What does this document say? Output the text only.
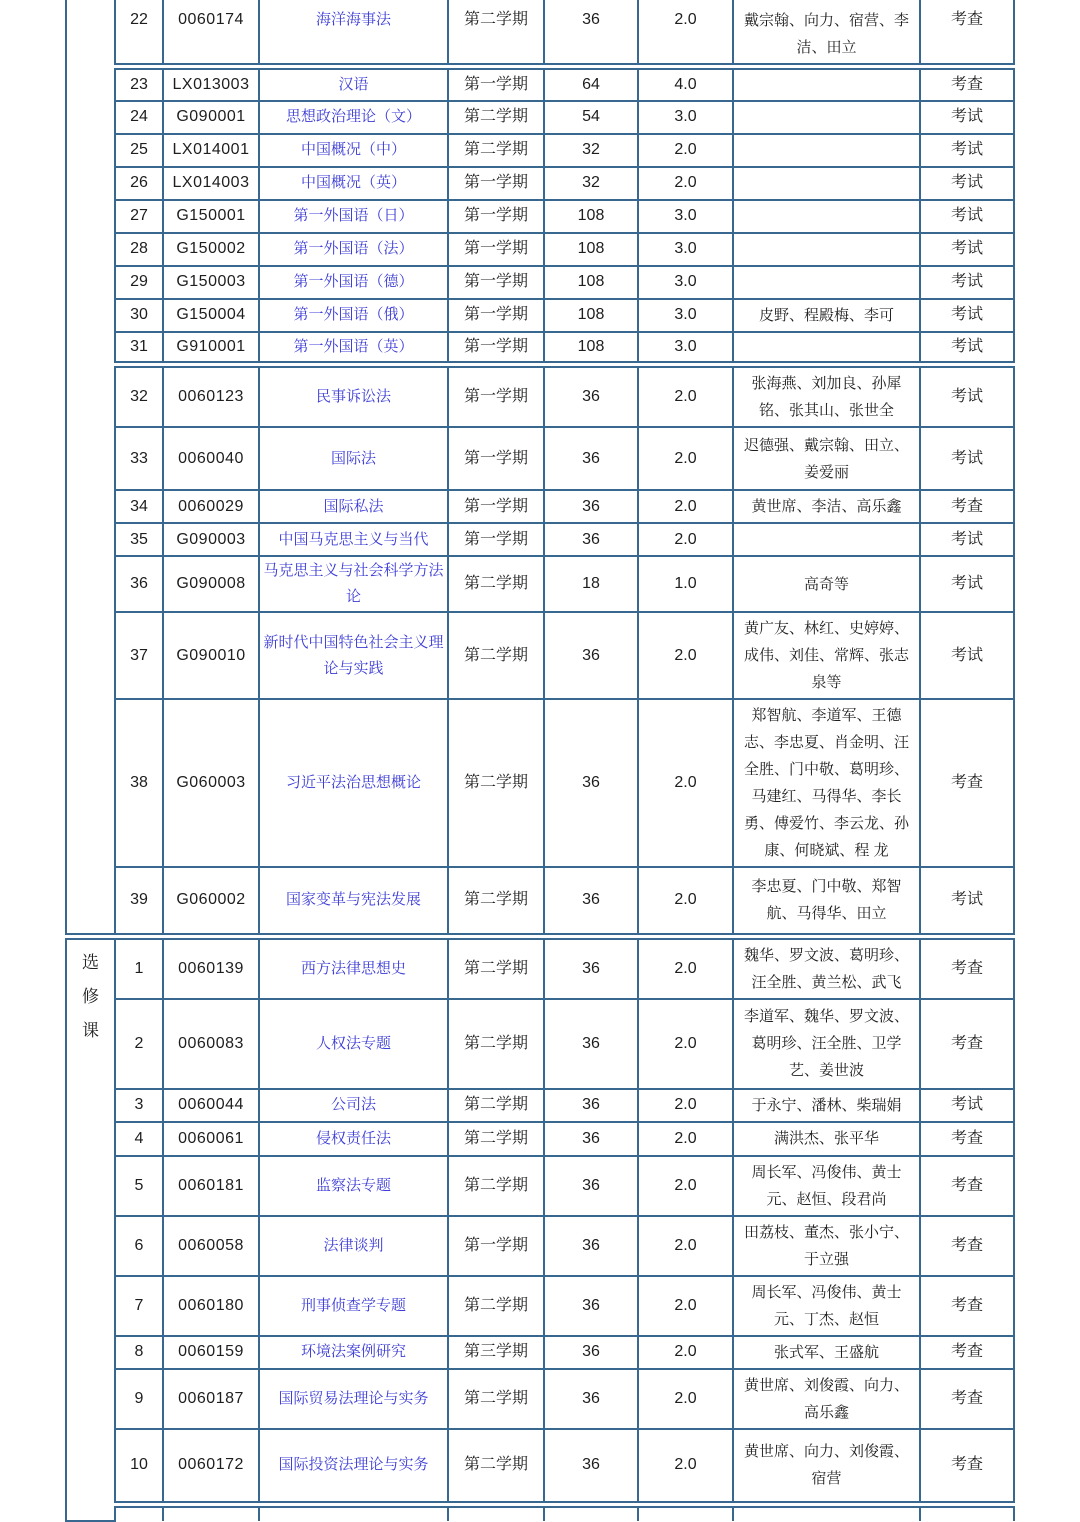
	22	0060174	海洋海事法	第二学期	36	2.0	戴宗翰、向力、宿营、李洁、田立	考查
	23	LX013003	汉语	第一学期	64	4.0		考查
	24	G090001	思想政治理论（文）	第二学期	54	3.0		考试
	25	LX014001	中国概况（中）	第二学期	32	2.0		考试
	26	LX014003	中国概况（英）	第一学期	32	2.0		考试
	27	G150001	第一外国语（日）	第一学期	108	3.0		考试
	28	G150002	第一外国语（法）	第一学期	108	3.0		考试
	29	G150003	第一外国语（德）	第一学期	108	3.0		考试
	30	G150004	第一外国语（俄）	第一学期	108	3.0	皮野、程殿梅、李可	考试
	31	G910001	第一外国语（英）	第一学期	108	3.0		考试
	32	0060123	民事诉讼法	第一学期	36	2.0	张海燕、刘加良、孙犀铭、张其山、张世全	考试
	33	0060040	国际法	第一学期	36	2.0	迟德强、戴宗翰、田立、姜爱丽	考试
	34	0060029	国际私法	第一学期	36	2.0	黄世席、李洁、高乐鑫	考查
	35	G090003	中国马克思主义与当代	第一学期	36	2.0		考试
	36	G090008	马克思主义与社会科学方法论	第二学期	18	1.0	高奇等	考试
	37	G090010	新时代中国特色社会主义理论与实践	第二学期	36	2.0	黄广友、林红、史婷婷、成伟、刘佳、常辉、张志泉等	考试
	38	G060003	习近平法治思想概论	第二学期	36	2.0	郑智航、李道军、王德志、李忠夏、肖金明、汪全胜、门中敬、葛明珍、马建红、马得华、李长勇、傅爱竹、李云龙、孙 康、何晓斌、程 龙	考查
	39	G060002	国家变革与宪法发展	第二学期	36	2.0	李忠夏、门中敬、郑智航、马得华、田立	考试

选修课	1	0060139	西方法律思想史	第二学期	36	2.0	魏华、罗文波、葛明珍、汪全胜、黄兰松、武飞	考查
	2	0060083	人权法专题	第二学期	36	2.0	李道军、魏华、罗文波、葛明珍、汪全胜、卫学艺、姜世波	考查
	3	0060044	公司法	第二学期	36	2.0	于永宁、潘林、柴瑞娟	考试
	4	0060061	侵权责任法	第二学期	36	2.0	满洪杰、张平华	考查
	5	0060181	监察法专题	第二学期	36	2.0	周长军、冯俊伟、黄士元、赵恒、段君尚	考查
	6	0060058	法律谈判	第一学期	36	2.0	田荔枝、董杰、张小宁、于立强	考查
	7	0060180	刑事侦查学专题	第二学期	36	2.0	周长军、冯俊伟、黄士元、丁杰、赵恒	考查
	8	0060159	环境法案例研究	第三学期	36	2.0	张式军、王盛航	考查
	9	0060187	国际贸易法理论与实务	第二学期	36	2.0	黄世席、刘俊霞、向力、高乐鑫	考查
	10	0060172	国际投资法理论与实务	第二学期	36	2.0	黄世席、向力、刘俊霞、宿营	考查
